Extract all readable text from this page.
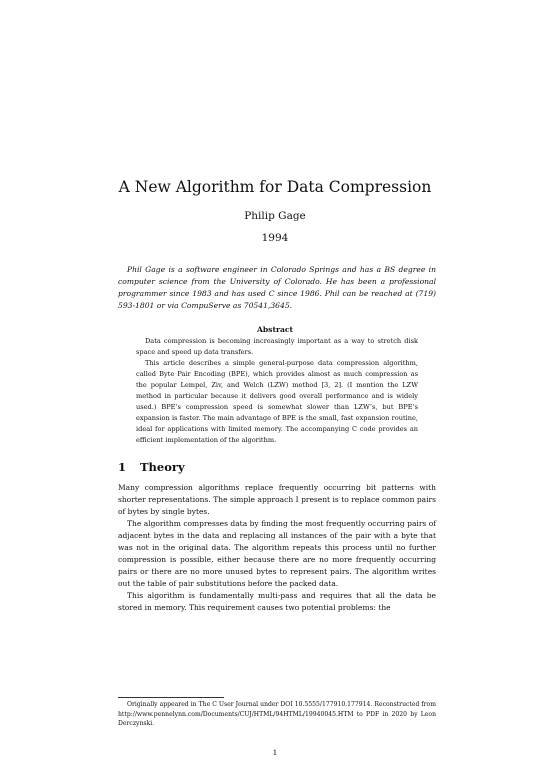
A New Algorithm for Data Compression
Philip Gage
1994
Phil Gage is a software engineer in Colorado Springs and has a BS degree in computer science from the University of Colorado. He has been a professional programmer since 1983 and has used C since 1986. Phil can be reached at (719) 593-1801 or via CompuServe as 70541,3645.
Abstract

Data compression is becoming increasingly important as a way to stretch disk space and speed up data transfers.

This article describes a simple general-purpose data compression algorithm, called Byte Pair Encoding (BPE), which provides almost as much compression as the popular Lempel, Ziv, and Welch (LZW) method [3, 2]. (I mention the LZW method in particular because it delivers good overall performance and is widely used.) BPE’s compression speed is somewhat slower than LZW’s, but BPE’s expansion is faster. The main advantage of BPE is the small, fast expansion routine, ideal for applications with limited memory. The accompanying C code provides an efficient implementation of the algorithm.

1 Theory

Many compression algorithms replace frequently occurring bit patterns with shorter representations. The simple approach I present is to replace common pairs of bytes by single bytes.

The algorithm compresses data by finding the most frequently occurring pairs of adjacent bytes in the data and replacing all instances of the pair with a byte that was not in the original data. The algorithm repeats this process until no further compression is possible, either because there are no more frequently occurring pairs or there are no more unused bytes to represent pairs. The algorithm writes out the table of pair substitutions before the packed data.

This algorithm is fundamentally multi-pass and requires that all the data be stored in memory. This requirement causes two potential problems: the

Originally appeared in The C User Journal under DOI 10.5555/177910.177914. Reconstructed from http://www.pennelynn.com/Documents/CUJ/HTML/94HTML/19940045.HTM to PDF in 2020 by Leon Derczynski.
1
